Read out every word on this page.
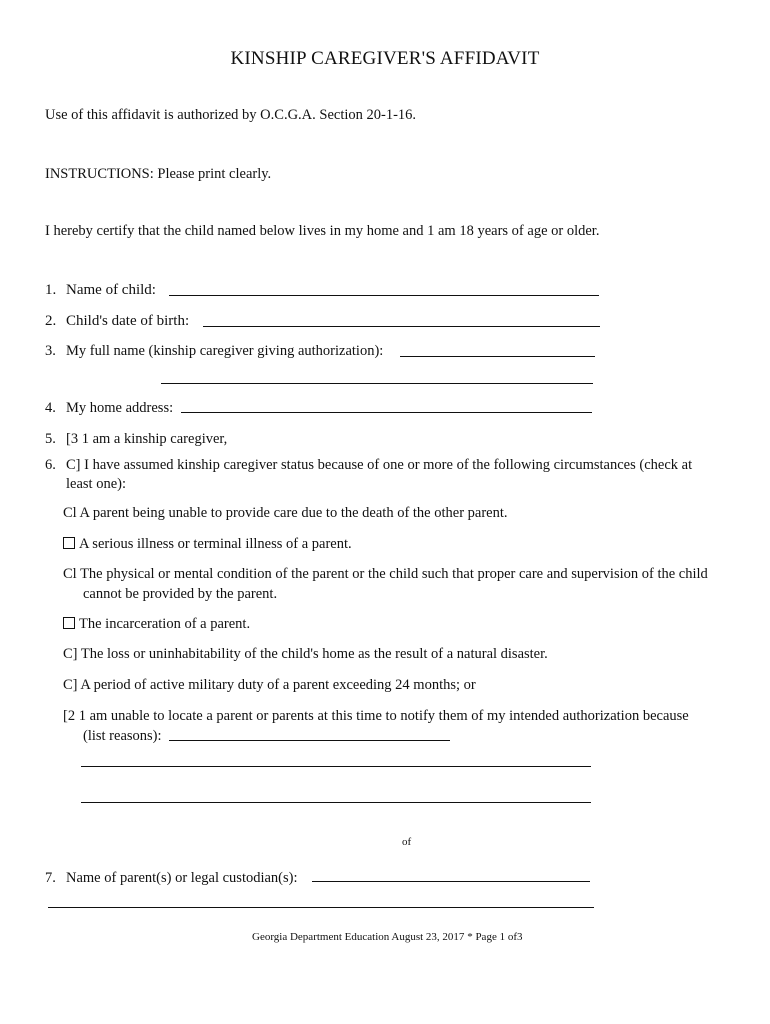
KINSHIP CAREGIVER'S AFFIDAVIT
Use of this affidavit is authorized by O.C.G.A. Section 20-1-16.
INSTRUCTIONS: Please print clearly.
I hereby certify that the child named below lives in my home and 1 am 18 years of age or older.
1. Name of child:
2. Child's date of birth:
3. My full name (kinship caregiver giving authorization):
4. My home address:
5. [3 1 am a kinship caregiver,
6. C] I have assumed kinship caregiver status because of one or more of the following circumstances (check at
least one):
Cl A parent being unable to provide care due to the death of the other parent.
A serious illness or terminal illness of a parent.
Cl The physical or mental condition of the parent or the child such that proper care and supervision of the child
cannot be provided by the parent.
The incarceration of a parent.
C] The loss or uninhabitability of the child's home as the result of a natural disaster.
C] A period of active military duty of a parent exceeding 24 months; or
[2 1 am unable to locate a parent or parents at this time to notify them of my intended authorization because
(list reasons):
of
7. Name of parent(s) or legal custodian(s):
Georgia Department Education August 23, 2017 * Page 1 of3
